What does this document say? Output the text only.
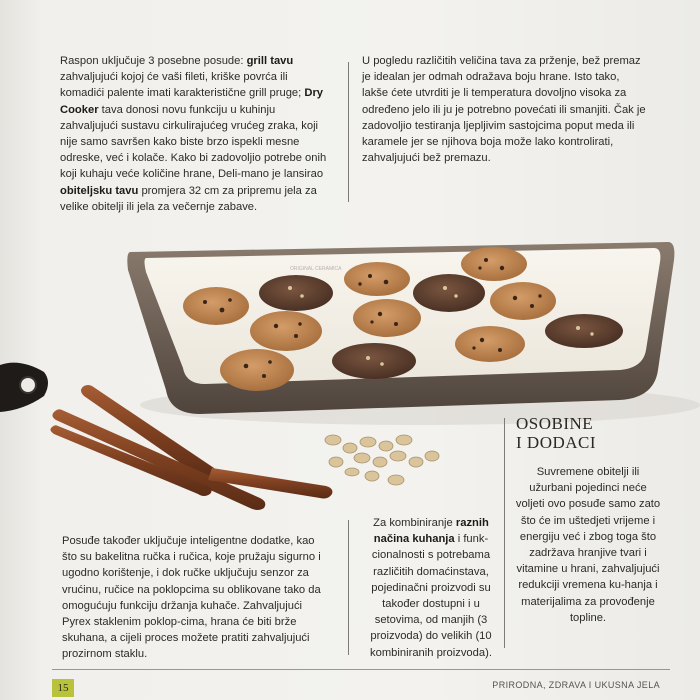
Raspon uključuje 3 posebne posude: grill tavu zahvaljujući kojoj će vaši fileti, kriške povrća ili komadići palente imati karakteristične grill pruge; Dry Cooker tava donosi novu funkciju u kuhinju zahvaljujući sustavu cirkulirajućeg vrućeg zraka, koji nije samo savršen kako biste brzo ispekli mesne odreske, već i kolače. Kako bi zadovoljio potrebe onih koji kuhaju veće količine hrane, Deli-mano je lansirao obiteljsku tavu promjera 32 cm za pripremu jela za velike obitelji ili jela za večernje zabave.
U pogledu različitih veličina tava za prženje, bež premaz je idealan jer odmah odražava boju hrane. Isto tako, lakše ćete utvrditi je li temperatura dovoljno visoka za određeno jelo ili ju je potrebno povećati ili smanjiti. Čak je zadovoljio testiranja ljepljivim sastojcima poput meda ili karamele jer se njihova boja može lako kontrolirati, zahvaljujući bež premazu.
ORIGINAL CERAMICA
OSOBINE
I DODACI
Suvremene obitelji ili užurbani pojedinci neće voljeti ovo posuđe samo zato što će im uštedjeti vrijeme i energiju već i zbog toga što zadržava hranjive tvari i vitamine u hrani, zahvaljujući redukciji vremena ku-hanja i materijalima za provođenje topline.
Posuđe također uključuje inteligentne dodatke, kao što su bakelitna ručka i ručica, koje pružaju sigurno i ugodno korištenje, i dok ručke uključuju senzor za vrućinu, ručice na poklopcima su oblikovane tako da omogućuju funkciju držanja kuhače. Zahvaljujući Pyrex staklenim poklop-cima, hrana će biti brže skuhana, a cijeli proces možete pratiti zahvaljujući prozirnom staklu.
Za kombiniranje raznih načina kuhanja i funk-cionalnosti s potrebama različitih domaćinstava, pojedinačni proizvodi su također dostupni i u setovima, od manjih (3 proizvoda) do velikih (10 kombiniranih proizvoda).
15	PRIRODNA, ZDRAVA I UKUSNA JELA
